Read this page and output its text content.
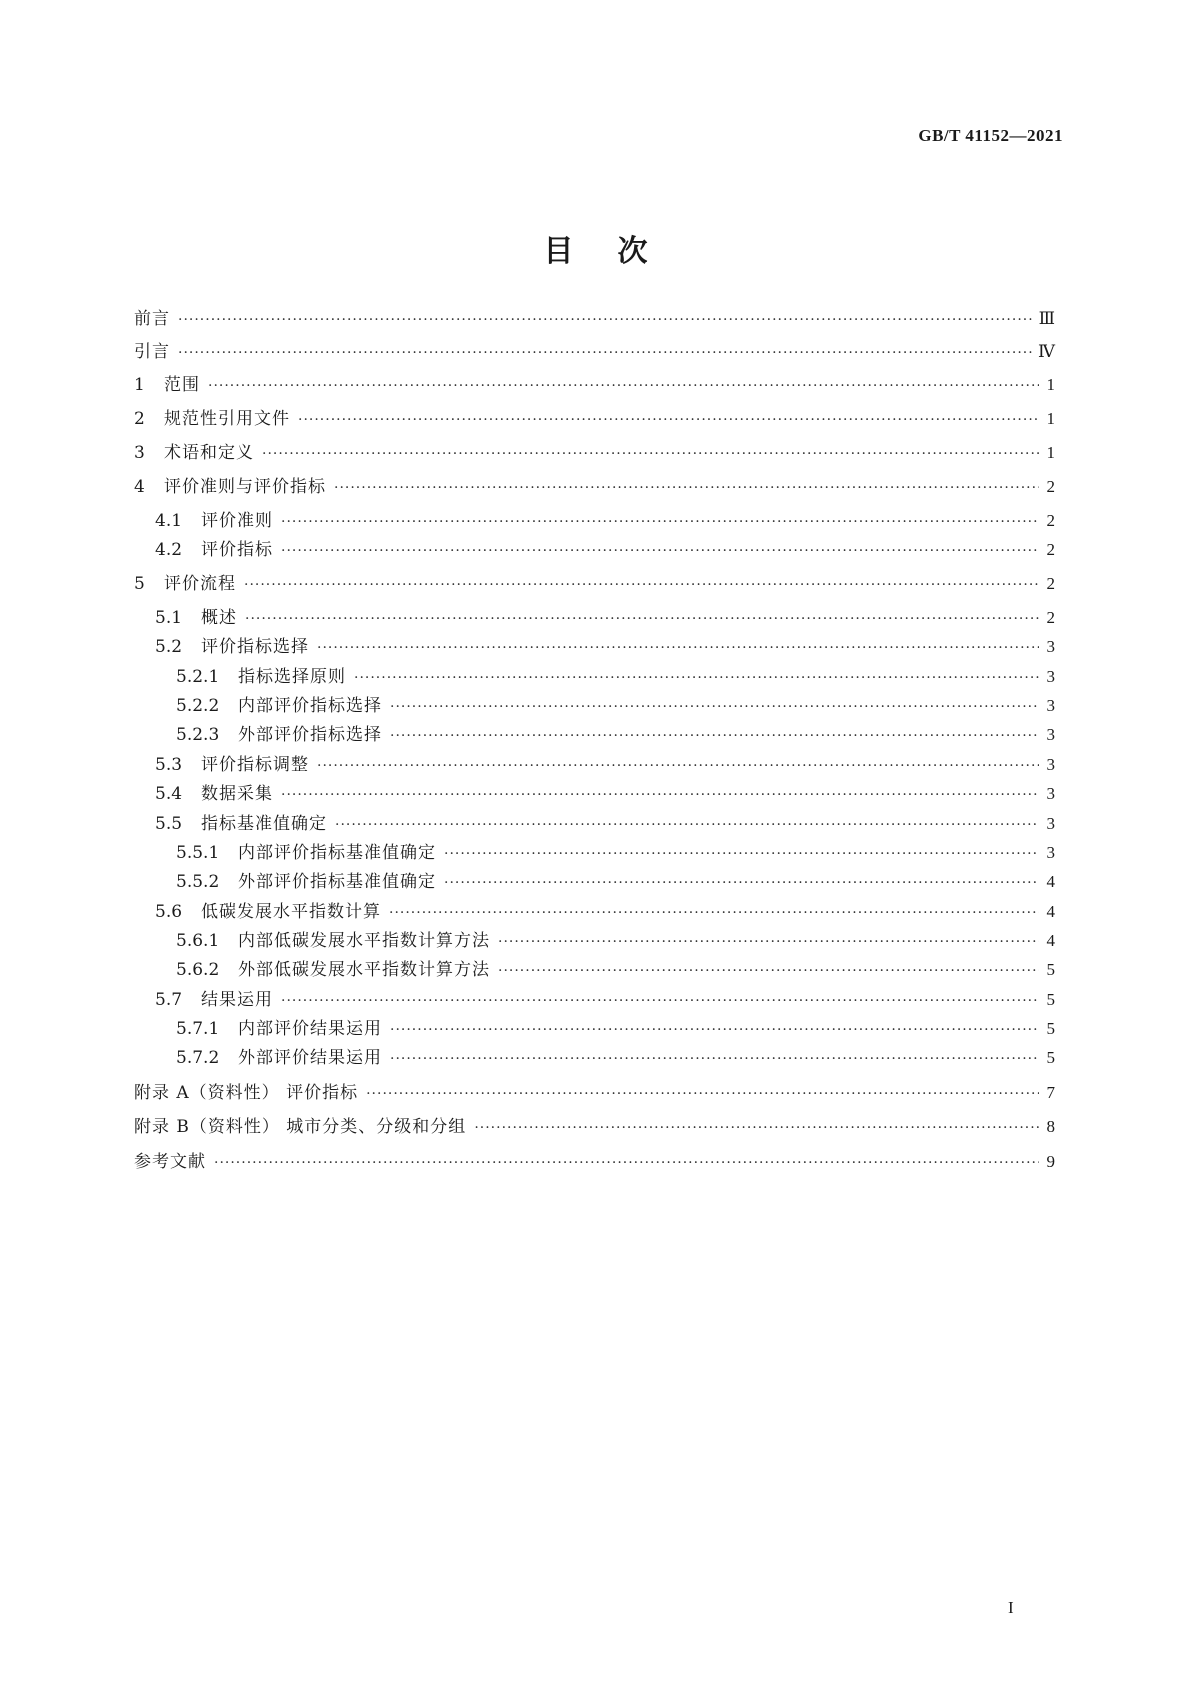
GB/T 41152—2021
目次
前言 ·····	Ⅲ
引言 ·····	Ⅳ
1	范围 ·····	1
2	规范性引用文件 ·····	1
3	术语和定义 ·····	1
4	评价准则与评价指标 ·····	2
4.1	评价准则 ·····	2
4.2	评价指标 ·····	2
5	评价流程 ·····	2
5.1	概述 ·····	2
5.2	评价指标选择 ·····	3
5.2.1	指标选择原则 ·····	3
5.2.2	内部评价指标选择 ·····	3
5.2.3	外部评价指标选择 ·····	3
5.3	评价指标调整 ·····	3
5.4	数据采集 ·····	3
5.5	指标基准值确定 ·····	3
5.5.1	内部评价指标基准值确定 ·····	3
5.5.2	外部评价指标基准值确定 ·····	4
5.6	低碳发展水平指数计算 ·····	4
5.6.1	内部低碳发展水平指数计算方法 ·····	4
5.6.2	外部低碳发展水平指数计算方法 ·····	5
5.7	结果运用 ·····	5
5.7.1	内部评价结果运用 ·····	5
5.7.2	外部评价结果运用 ·····	5
附录 A（资料性） 评价指标 ·····	7
附录 B（资料性） 城市分类、分级和分组 ·····	8
参考文献 ·····	9
I
